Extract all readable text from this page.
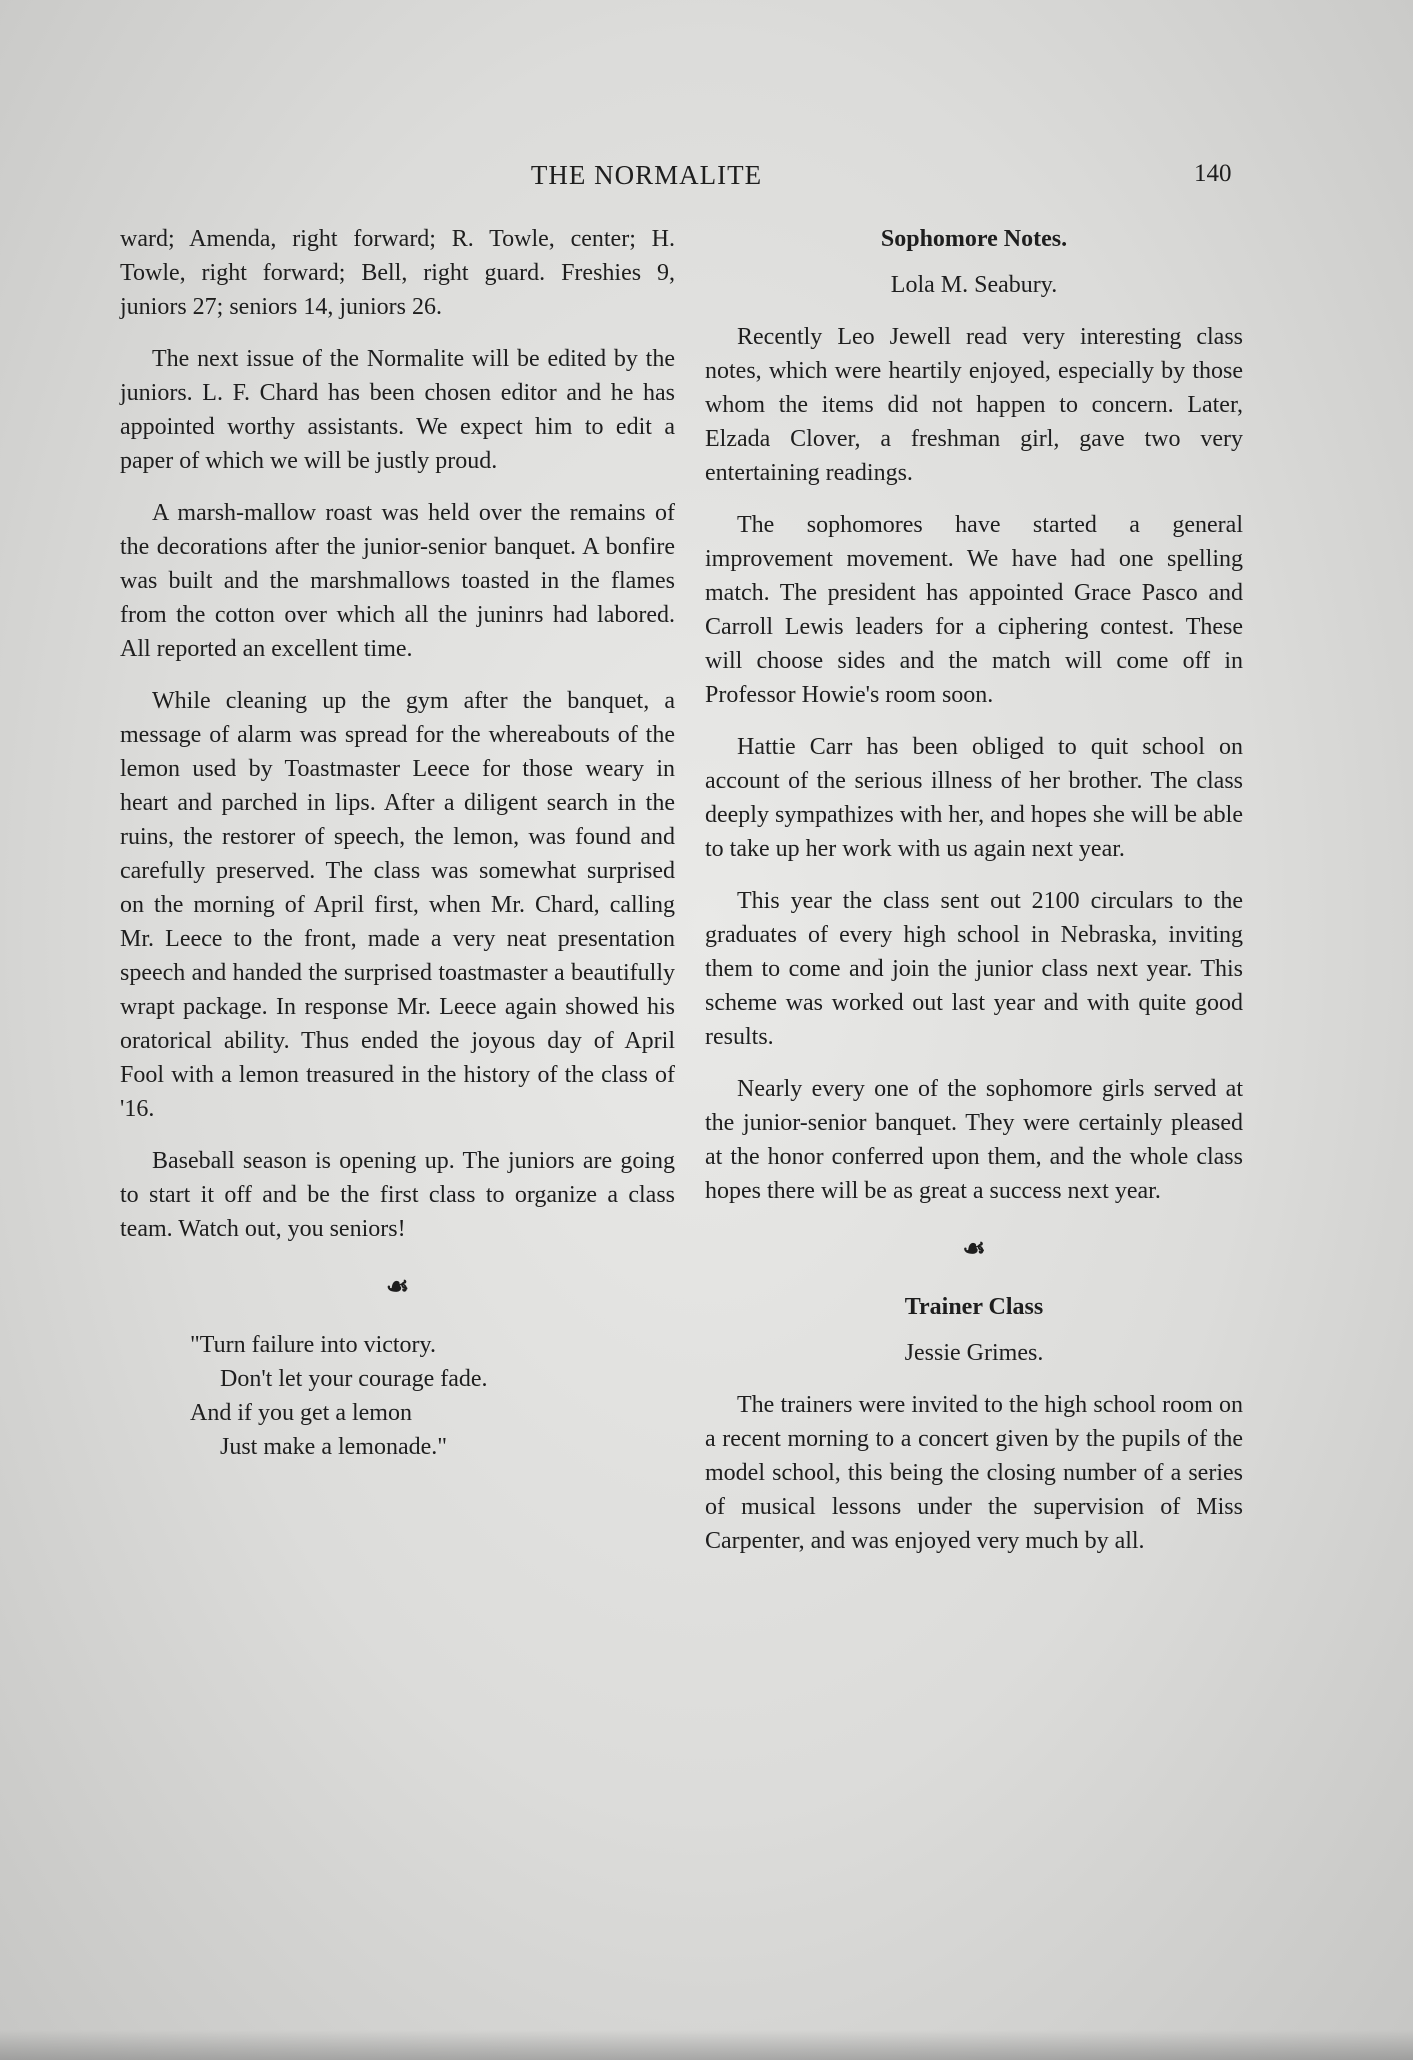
THE NORMALITE	140

ward; Amenda, right forward; R. Towle, center; H. Towle, right forward; Bell, right guard. Freshies 9, juniors 27; seniors 14, juniors 26.

The next issue of the Normalite will be edited by the juniors. L. F. Chard has been chosen editor and he has appointed worthy assistants. We expect him to edit a paper of which we will be justly proud.

A marsh-mallow roast was held over the remains of the decorations after the junior-senior banquet. A bonfire was built and the marshmallows toasted in the flames from the cotton over which all the juninrs had labored. All reported an excellent time.

While cleaning up the gym after the banquet, a message of alarm was spread for the whereabouts of the lemon used by Toastmaster Leece for those weary in heart and parched in lips. After a diligent search in the ruins, the restorer of speech, the lemon, was found and carefully preserved. The class was somewhat surprised on the morning of April first, when Mr. Chard, calling Mr. Leece to the front, made a very neat presentation speech and handed the surprised toastmaster a beautifully wrapt package. In response Mr. Leece again showed his oratorical ability. Thus ended the joyous day of April Fool with a lemon treasured in the history of the class of '16.

Baseball season is opening up. The juniors are going to start it off and be the first class to organize a class team. Watch out, you seniors!

☙
"Turn failure into victory.
Don't let your courage fade.
And if you get a lemon
Just make a lemonade."
Sophomore Notes.
Lola M. Seabury.

Recently Leo Jewell read very interesting class notes, which were heartily enjoyed, especially by those whom the items did not happen to concern. Later, Elzada Clover, a freshman girl, gave two very entertaining readings.

The sophomores have started a general improvement movement. We have had one spelling match. The president has appointed Grace Pasco and Carroll Lewis leaders for a ciphering contest. These will choose sides and the match will come off in Professor Howie's room soon.

Hattie Carr has been obliged to quit school on account of the serious illness of her brother. The class deeply sympathizes with her, and hopes she will be able to take up her work with us again next year.

This year the class sent out 2100 circulars to the graduates of every high school in Nebraska, inviting them to come and join the junior class next year. This scheme was worked out last year and with quite good results.

Nearly every one of the sophomore girls served at the junior-senior banquet. They were certainly pleased at the honor conferred upon them, and the whole class hopes there will be as great a success next year.

☙
Trainer Class
Jessie Grimes.

The trainers were invited to the high school room on a recent morning to a concert given by the pupils of the model school, this being the closing number of a series of musical lessons under the supervision of Miss Carpenter, and was enjoyed very much by all.
